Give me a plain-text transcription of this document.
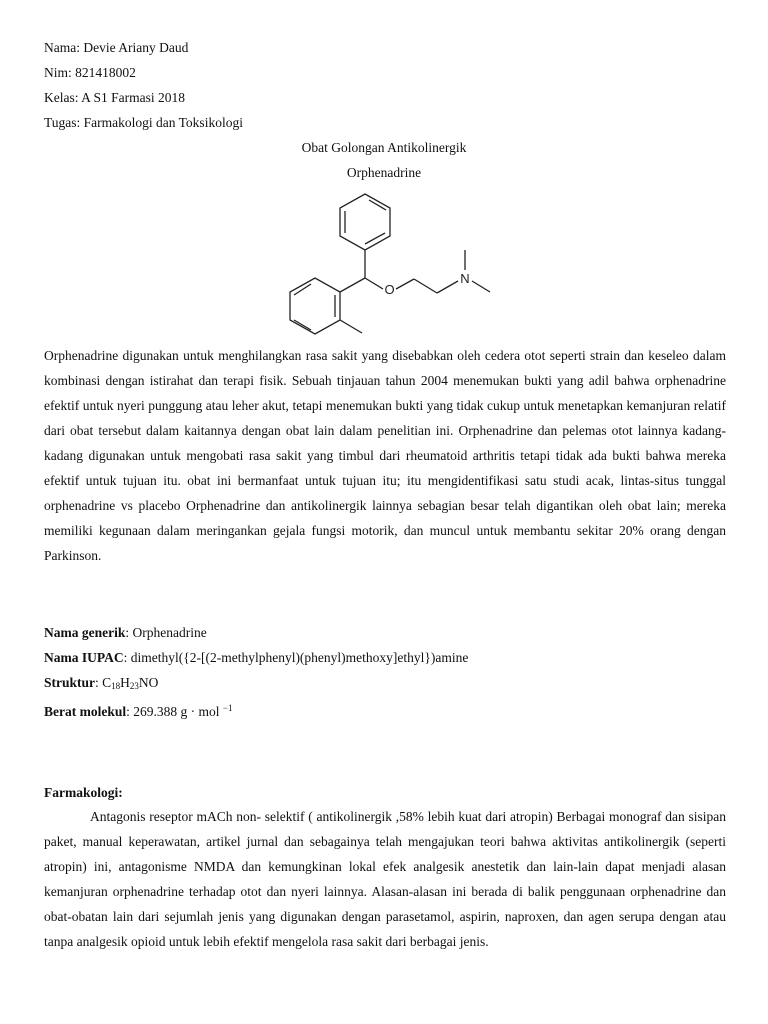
Nama: Devie Ariany Daud
Nim: 821418002
Kelas: A S1 Farmasi 2018
Tugas: Farmakologi dan Toksikologi
Obat Golongan Antikolinergik
Orphenadrine
O
N
Orphenadrine digunakan untuk menghilangkan rasa sakit yang disebabkan oleh cedera otot seperti strain dan keseleo dalam kombinasi dengan istirahat dan terapi fisik. Sebuah tinjauan tahun 2004 menemukan bukti yang adil bahwa orphenadrine efektif untuk nyeri punggung atau leher akut, tetapi menemukan bukti yang tidak cukup untuk menetapkan kemanjuran relatif dari obat tersebut dalam kaitannya dengan obat lain dalam penelitian ini. Orphenadrine dan pelemas otot lainnya kadang-kadang digunakan untuk mengobati rasa sakit yang timbul dari rheumatoid arthritis tetapi tidak ada bukti bahwa mereka efektif untuk tujuan itu. obat ini bermanfaat untuk tujuan itu; itu mengidentifikasi satu studi acak, lintas-situs tunggal orphenadrine vs placebo Orphenadrine dan antikolinergik lainnya sebagian besar telah digantikan oleh obat lain; mereka memiliki kegunaan dalam meringankan gejala fungsi motorik, dan muncul untuk membantu sekitar 20% orang dengan Parkinson.
Nama generik: Orphenadrine
Nama IUPAC: dimethyl({2-[(2-methylphenyl)(phenyl)methoxy]ethyl})amine
Struktur: $C_{18}H_{23}NO$
Berat molekul: 269.388 g · mol $^{-1}$
Farmakologi:
Antagonis reseptor mACh non- selektif ( antikolinergik ,58% lebih kuat dari atropin) Berbagai monograf dan sisipan paket, manual keperawatan, artikel jurnal dan sebagainya telah mengajukan teori bahwa aktivitas antikolinergik (seperti atropin) ini, antagonisme NMDA dan kemungkinan lokal efek analgesik anestetik dan lain-lain dapat menjadi alasan kemanjuran orphenadrine terhadap otot dan nyeri lainnya. Alasan-alasan ini berada di balik penggunaan orphenadrine dan obat-obatan lain dari sejumlah jenis yang digunakan dengan parasetamol, aspirin, naproxen, dan agen serupa dengan atau tanpa analgesik opioid untuk lebih efektif mengelola rasa sakit dari berbagai jenis.
